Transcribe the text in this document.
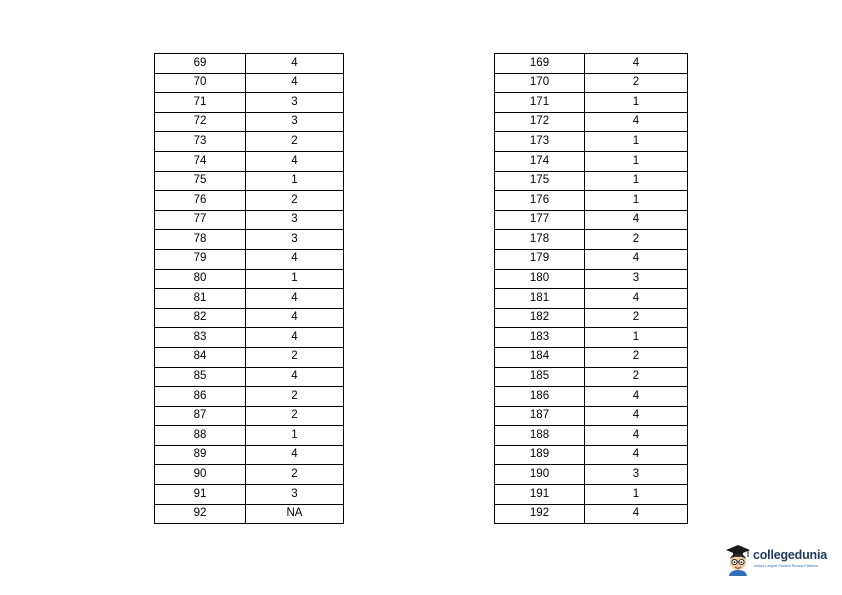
69	4
70	4
71	3
72	3
73	2
74	4
75	1
76	2
77	3
78	3
79	4
80	1
81	4
82	4
83	4
84	2
85	4
86	2
87	2
88	1
89	4
90	2
91	3
92	NA
169	4
170	2
171	1
172	4
173	1
174	1
175	1
176	1
177	4
178	2
179	4
180	3
181	4
182	2
183	1
184	2
185	2
186	4
187	4
188	4
189	4
190	3
191	1
192	4
collegedunia
India's Largest Student Review Platform
